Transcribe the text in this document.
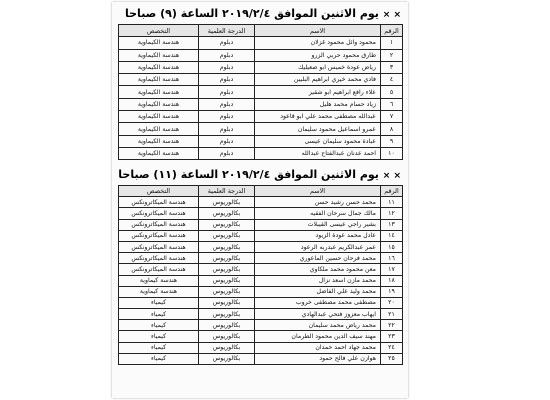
× × يوم الاثنين الموافق ٢٠١٩/٢/٤ الساعة (٩) صباحا
الرقم	الاسم	الدرجة العلمية	التخصص
١	محمود وائل محمود غزلان	دبلوم	هندسة الكيماوية
٢	طارق محمود حربي الزرو	دبلوم	هندسة الكيماوية
٣	رياض عودة خميس ابو صعيليك	دبلوم	هندسة الكيماوية
٤	فادي محمد خيري ابراهيم البليبن	دبلوم	هندسة الكيماوية
٥	علاء رافع ابراهيم ابو شقير	دبلوم	هندسة الكيماوية
٦	زياد حسام محمد هليل	دبلوم	هندسة الكيماوية
٧	عبدالله مصطفى محمد علي ابو قاعود	دبلوم	هندسة الكيماوية
٨	عمرو اسماعيل محمود سليمان	دبلوم	هندسة الكيماوية
٩	عبادة محمود سليمان عيسى	دبلوم	هندسة الكيماوية
١٠	احمد عدنان عبدالفتاح عبدالله	دبلوم	هندسة الكيماوية
× × يوم الاثنين الموافق ٢٠١٩/٢/٤ الساعة (١١) صباحا
الرقم	الاسم	الدرجة العلمية	التخصص
١١	محمد حسن رشيد حسن	بكالوريوس	هندسة الميكاترونكس
١٢	مالك جمال سرحان الفقيه	بكالوريوس	هندسة الميكاترونكس
١٣	بشير راجي عيسى القيبلات	بكالوريوس	هندسة الميكاترونكس
١٤	عادل محمد عودة الزيود	بكالوريوس	هندسة الميكاترونكس
١٥	عمر عبدالكريم عبدربه الرعود	بكالوريوس	هندسة الميكاترونكس
١٦	محمد فرحان حسين الماعوري	بكالوريوس	هندسة الميكاترونكس
١٧	معن محمود محمد ملكاوي	بكالوريوس	هندسة الميكاترونكس
١٨	محمد مازن اسعد نزال	بكالوريوس	هندسة كيماوية
١٩	محمد وليد علي الفاضل	بكالوريوس	هندسة كيماوية
٢٠	مصطفى محمد مصطفى خروب	بكالوريوس	كيمياء
٢١	ايهاب معزوز فتحي عبدالهادي	بكالوريوس	كيمياء
٢٢	محمد رياض محمد سليمان	بكالوريوس	كيمياء
٢٣	مهند سيف الدين محمود الطرمان	بكالوريوس	كيمياء
٢٤	محمد جهاد احمد حمدان	بكالوريوس	كيمياء
٢٥	هوازن علي فالح حمود	بكالوريوس	كيمياء
